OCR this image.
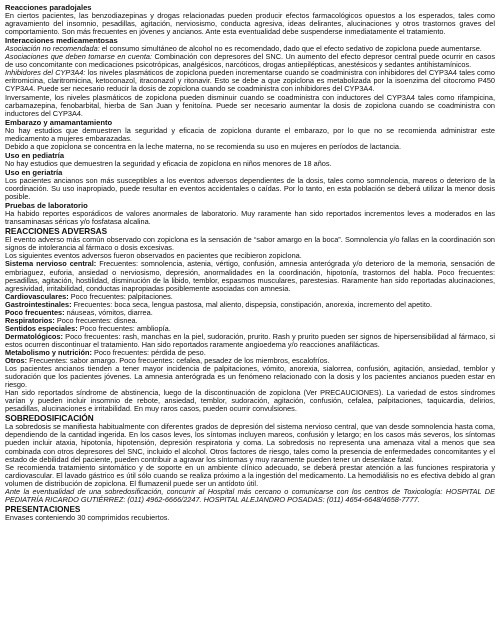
Reacciones paradojales

En ciertos pacientes, las benzodiazepinas y drogas relacionadas pueden producir efectos farmacológicos opuestos a los esperados, tales como agravamiento del insomnio, pesadillas, agitación, nerviosismo, conducta agresiva, ideas delirantes, alucinaciones y otros trastornos graves del comportamiento. Son más frecuentes en jóvenes y ancianos. Ante esta eventualidad debe suspenderse inmediatamente el tratamiento.

Interacciones medicamentosas

Asociación no recomendada: el consumo simultáneo de alcohol no es recomendado, dado que el efecto sedativo de zopiclona puede aumentarse.

Asociaciones que deben tomarse en cuenta: Combinación con depresores del SNC. Un aumento del efecto depresor central puede ocurrir en casos de uso concomitante con medicaciones psicotrópicas, analgésicos, narcóticos, drogas antiepilépticas, anestésicos y sedantes antihistamínicos.

Inhibidores del CYP3A4: los niveles plasmáticos de zopiclona pueden incrementarse cuando se coadministra con inhibidores del CYP3A4 tales como eritromicina, claritromicina, ketoconazol, itraconazol y ritonavir. Esto se debe a que zopiclona es metabolizada por la isoenzima del citocromo P450 CYP3A4. Puede ser necesario reducir la dosis de zopiclona cuando se coadministra con inhibidores del CYP3A4.

Inversamente, los niveles plasmáticos de zopiclona pueden disminuir cuando se coadministra con inductores del CYP3A4 tales como rifampicina, carbamazepina, fenobarbital, hierba de San Juan y fenitoína. Puede ser necesario aumentar la dosis de zopiclona cuando se coadministra con inductores del CYP3A4.

Embarazo y amamantamiento

No hay estudios que demuestren la seguridad y eficacia de zopiclona durante el embarazo, por lo que no se recomienda administrar este medicamento a mujeres embarazadas.

Debido a que zopiclona se concentra en la leche materna, no se recomienda su uso en mujeres en períodos de lactancia.

Uso en pediatría

No hay estudios que demuestren la seguridad y eficacia de zopiclona en niños menores de 18 años.

Uso en geriatría

Los pacientes ancianos son más susceptibles a los eventos adversos dependientes de la dosis, tales como somnolencia, mareos o deterioro de la coordinación. Su uso inapropiado, puede resultar en eventos accidentales o caídas. Por lo tanto, en esta población se deberá utilizar la menor dosis posible.

Pruebas de laboratorio

Ha habido reportes esporádicos de valores anormales de laboratorio. Muy raramente han sido reportados incrementos leves a moderados en las transaminasas séricas y/o fosfatasa alcalina.

REACCIONES ADVERSAS

El evento adverso más común observado con zopiclona es la sensación de “sabor amargo en la boca”. Somnolencia y/o fallas en la coordinación son signos de intolerancia al fármaco o dosis excesivas.

Los siguientes eventos adversos fueron observados en pacientes que recibieron zopiclona.

Sistema nervioso central: Frecuentes: somnolencia, astenia, vértigo, confusión, amnesia anterógrada y/o deterioro de la memoria, sensación de embriaguez, euforia, ansiedad o nerviosismo, depresión, anormalidades en la coordinación, hipotonía, trastornos del habla. Poco frecuentes: pesadillas, agitación, hostilidad, disminución de la libido, temblor, espasmos musculares, parestesias. Raramente han sido reportadas alucinaciones, agresividad, irritabilidad, conductas inapropiadas posiblemente asociadas con amnesia.

Cardiovasculares: Poco frecuentes: palpitaciones.

Gastrointestinales: Frecuentes: boca seca, lengua pastosa, mal aliento, dispepsia, constipación, anorexia, incremento del apetito.

Poco frecuentes: náuseas, vómitos, diarrea.

Respiratorios: Poco frecuentes: disnea.

Sentidos especiales: Poco frecuentes: ambliopía.

Dermatológicos: Poco frecuentes: rash, manchas en la piel, sudoración, prurito. Rash y prurito pueden ser signos de hipersensibilidad al fármaco, si estos ocurren discontinuar el tratamiento. Han sido reportados raramente angioedema y/o reacciones anafilácticas.

Metabolismo y nutrición: Poco frecuentes: pérdida de peso.

Otros: Frecuentes: sabor amargo. Poco frecuentes: cefalea, pesadez de los miembros, escalofríos.

Los pacientes ancianos tienden a tener mayor incidencia de palpitaciones, vómito, anorexia, sialorrea, confusión, agitación, ansiedad, temblor y sudoración que los pacientes jóvenes. La amnesia anterógrada es un fenómeno relacionado con la dosis y los pacientes ancianos pueden estar en riesgo.

Han sido reportados síndrome de abstinencia, luego de la discontinuación de zopiclona (Ver PRECAUCIONES). La variedad de estos síndromes varían y pueden incluir insomnio de rebote, ansiedad, temblor, sudoración, agitación, confusión, cefalea, palpitaciones, taquicardia, delirios, pesadillas, alucinaciones e irritabilidad. En muy raros casos, pueden ocurrir convulsiones.

SOBREDOSIFICACIÓN

La sobredosis se manifiesta habitualmente con diferentes grados de depresión del sistema nervioso central, que van desde somnolencia hasta coma, dependiendo de la cantidad ingerida. En los casos leves, los síntomas incluyen mareos, confusión y letargo; en los casos más severos, los síntomas pueden incluir ataxia, hipotonía, hipotensión, depresión respiratoria y coma. La sobredosis no representa una amenaza vital a menos que sea combinada con otros depresores del SNC, incluido el alcohol. Otros factores de riesgo, tales como la presencia de enfermedades concomitantes y el estado de debilidad del paciente, pueden contribuir a agravar los síntomas y muy raramente pueden tener un desenlace fatal.

Se recomienda tratamiento sintomático y de soporte en un ambiente clínico adecuado, se deberá prestar atención a las funciones respiratoria y cardiovascular. El lavado gástrico es útil sólo cuando se realiza próximo a la ingestión del medicamento. La hemodiálisis no es efectiva debido al gran volumen de distribución de zopiclona. El flumazenil puede ser un antídoto útil.

Ante la eventualidad de una sobredosificación, concurrir al Hospital más cercano o comunicarse con los centros de Toxicología: HOSPITAL DE PEDIATRÍA RICARDO GUTIÉRREZ: (011) 4962-6666/2247. HOSPITAL ALEJANDRO POSADAS: (011) 4654-6648/4658-7777.

PRESENTACIONES

Envases conteniendo 30 comprimidos recubiertos.
